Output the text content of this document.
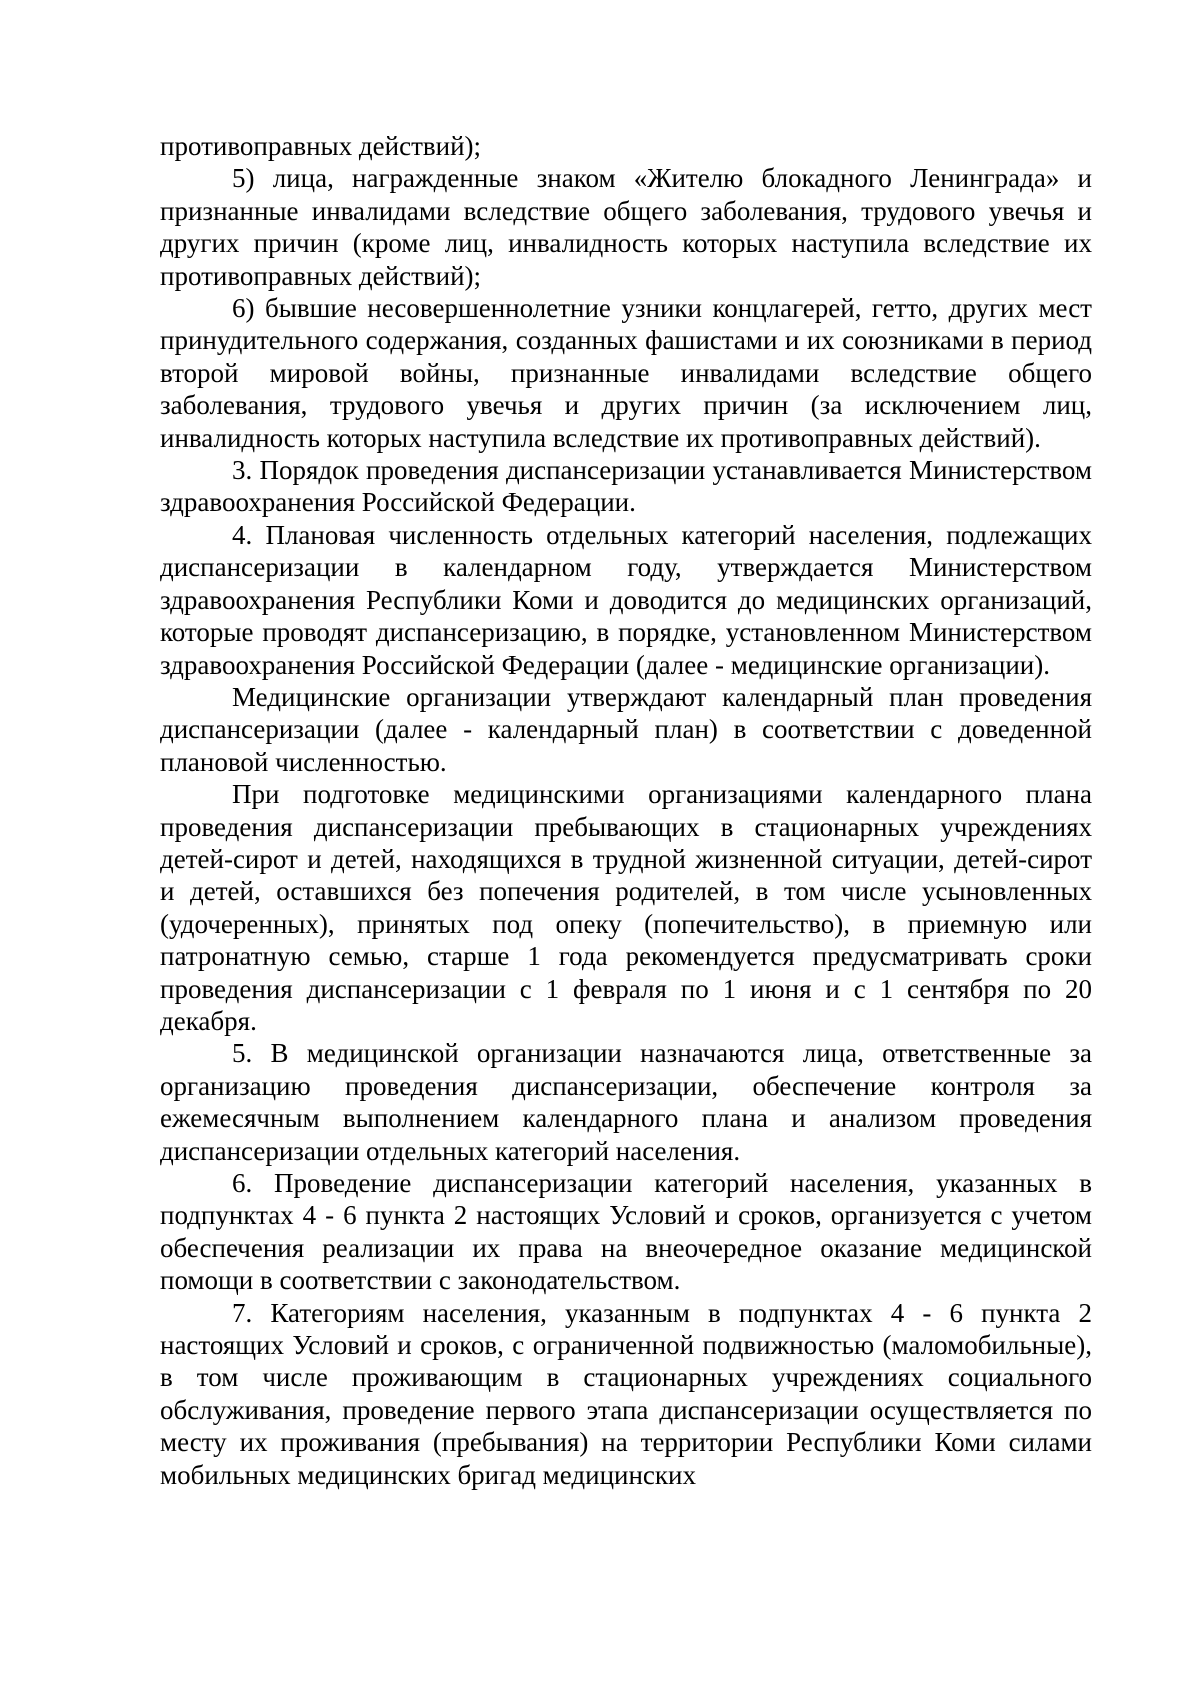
противоправных действий);

5) лица, награжденные знаком «Жителю блокадного Ленинграда» и признанные инвалидами вследствие общего заболевания, трудового увечья и других причин (кроме лиц, инвалидность которых наступила вследствие их противоправных действий);

6) бывшие несовершеннолетние узники концлагерей, гетто, других мест принудительного содержания, созданных фашистами и их союзниками в период второй мировой войны, признанные инвалидами вследствие общего заболевания, трудового увечья и других причин (за исключением лиц, инвалидность которых наступила вследствие их противоправных действий).

3. Порядок проведения диспансеризации устанавливается Министерством здравоохранения Российской Федерации.

4. Плановая численность отдельных категорий населения, подлежащих диспансеризации в календарном году, утверждается Министерством здравоохранения Республики Коми и доводится до медицинских организаций, которые проводят диспансеризацию, в порядке, установленном Министерством здравоохранения Российской Федерации (далее - медицинские организации).

Медицинские организации утверждают календарный план проведения диспансеризации (далее - календарный план) в соответствии с доведенной плановой численностью.

При подготовке медицинскими организациями календарного плана проведения диспансеризации пребывающих в стационарных учреждениях детей-сирот и детей, находящихся в трудной жизненной ситуации, детей-сирот и детей, оставшихся без попечения родителей, в том числе усыновленных (удочеренных), принятых под опеку (попечительство), в приемную или патронатную семью, старше 1 года рекомендуется предусматривать сроки проведения диспансеризации с 1 февраля по 1 июня и с 1 сентября по 20 декабря.

5. В медицинской организации назначаются лица, ответственные за организацию проведения диспансеризации, обеспечение контроля за ежемесячным выполнением календарного плана и анализом проведения диспансеризации отдельных категорий населения.

6. Проведение диспансеризации категорий населения, указанных в подпунктах 4 - 6 пункта 2 настоящих Условий и сроков, организуется с учетом обеспечения реализации их права на внеочередное оказание медицинской помощи в соответствии с законодательством.

7. Категориям населения, указанным в подпунктах 4 - 6 пункта 2 настоящих Условий и сроков, с ограниченной подвижностью (маломобильные), в том числе проживающим в стационарных учреждениях социального обслуживания, проведение первого этапа диспансеризации осуществляется по месту их проживания (пребывания) на территории Республики Коми силами мобильных медицинских бригад медицинских
